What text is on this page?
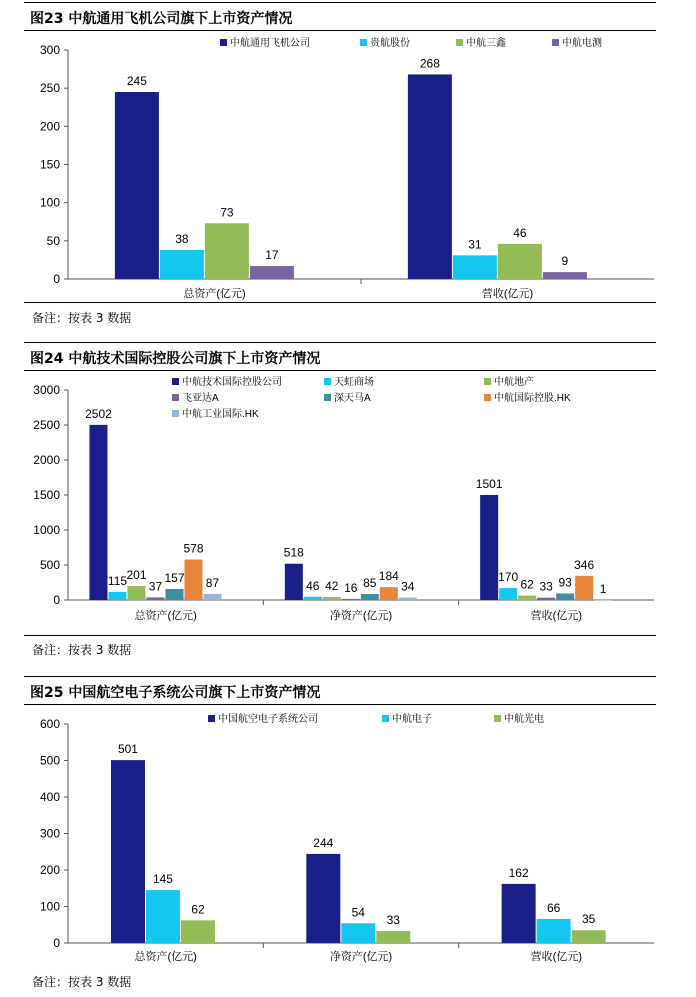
图23 中航通用飞机公司旗下上市资产情况
0
50
100
150
200
250
300
总资产(亿元)	营收(亿元)
245
268
38	31
73
46
17	9
中航通用飞机公司	贵航股份	中航三鑫	中航电测
备注：按表 3 数据
图24 中航技术国际控股公司旗下上市资产情况
0
500
1000
1500
2000
2500
3000
总资产(亿元)	净资产(亿元)	营收(亿元)
2502
518
1501
115	46
170
201
42	62
37	16	33
157	85	93
578
184
346
87	34	1
中航技术国际控股公司	天虹商场	中航地产
飞亚达A	深天马A	中航国际控股.HK
中航工业国际.HK
备注：按表 3 数据
图25 中国航空电子系统公司旗下上市资产情况
0
100
200
300
400
500
600
总资产(亿元)	净资产(亿元)	营收(亿元)
501
244
162
145
54	66
62
33	35
中国航空电子系统公司	中航电子	中航光电
备注：按表 3 数据
